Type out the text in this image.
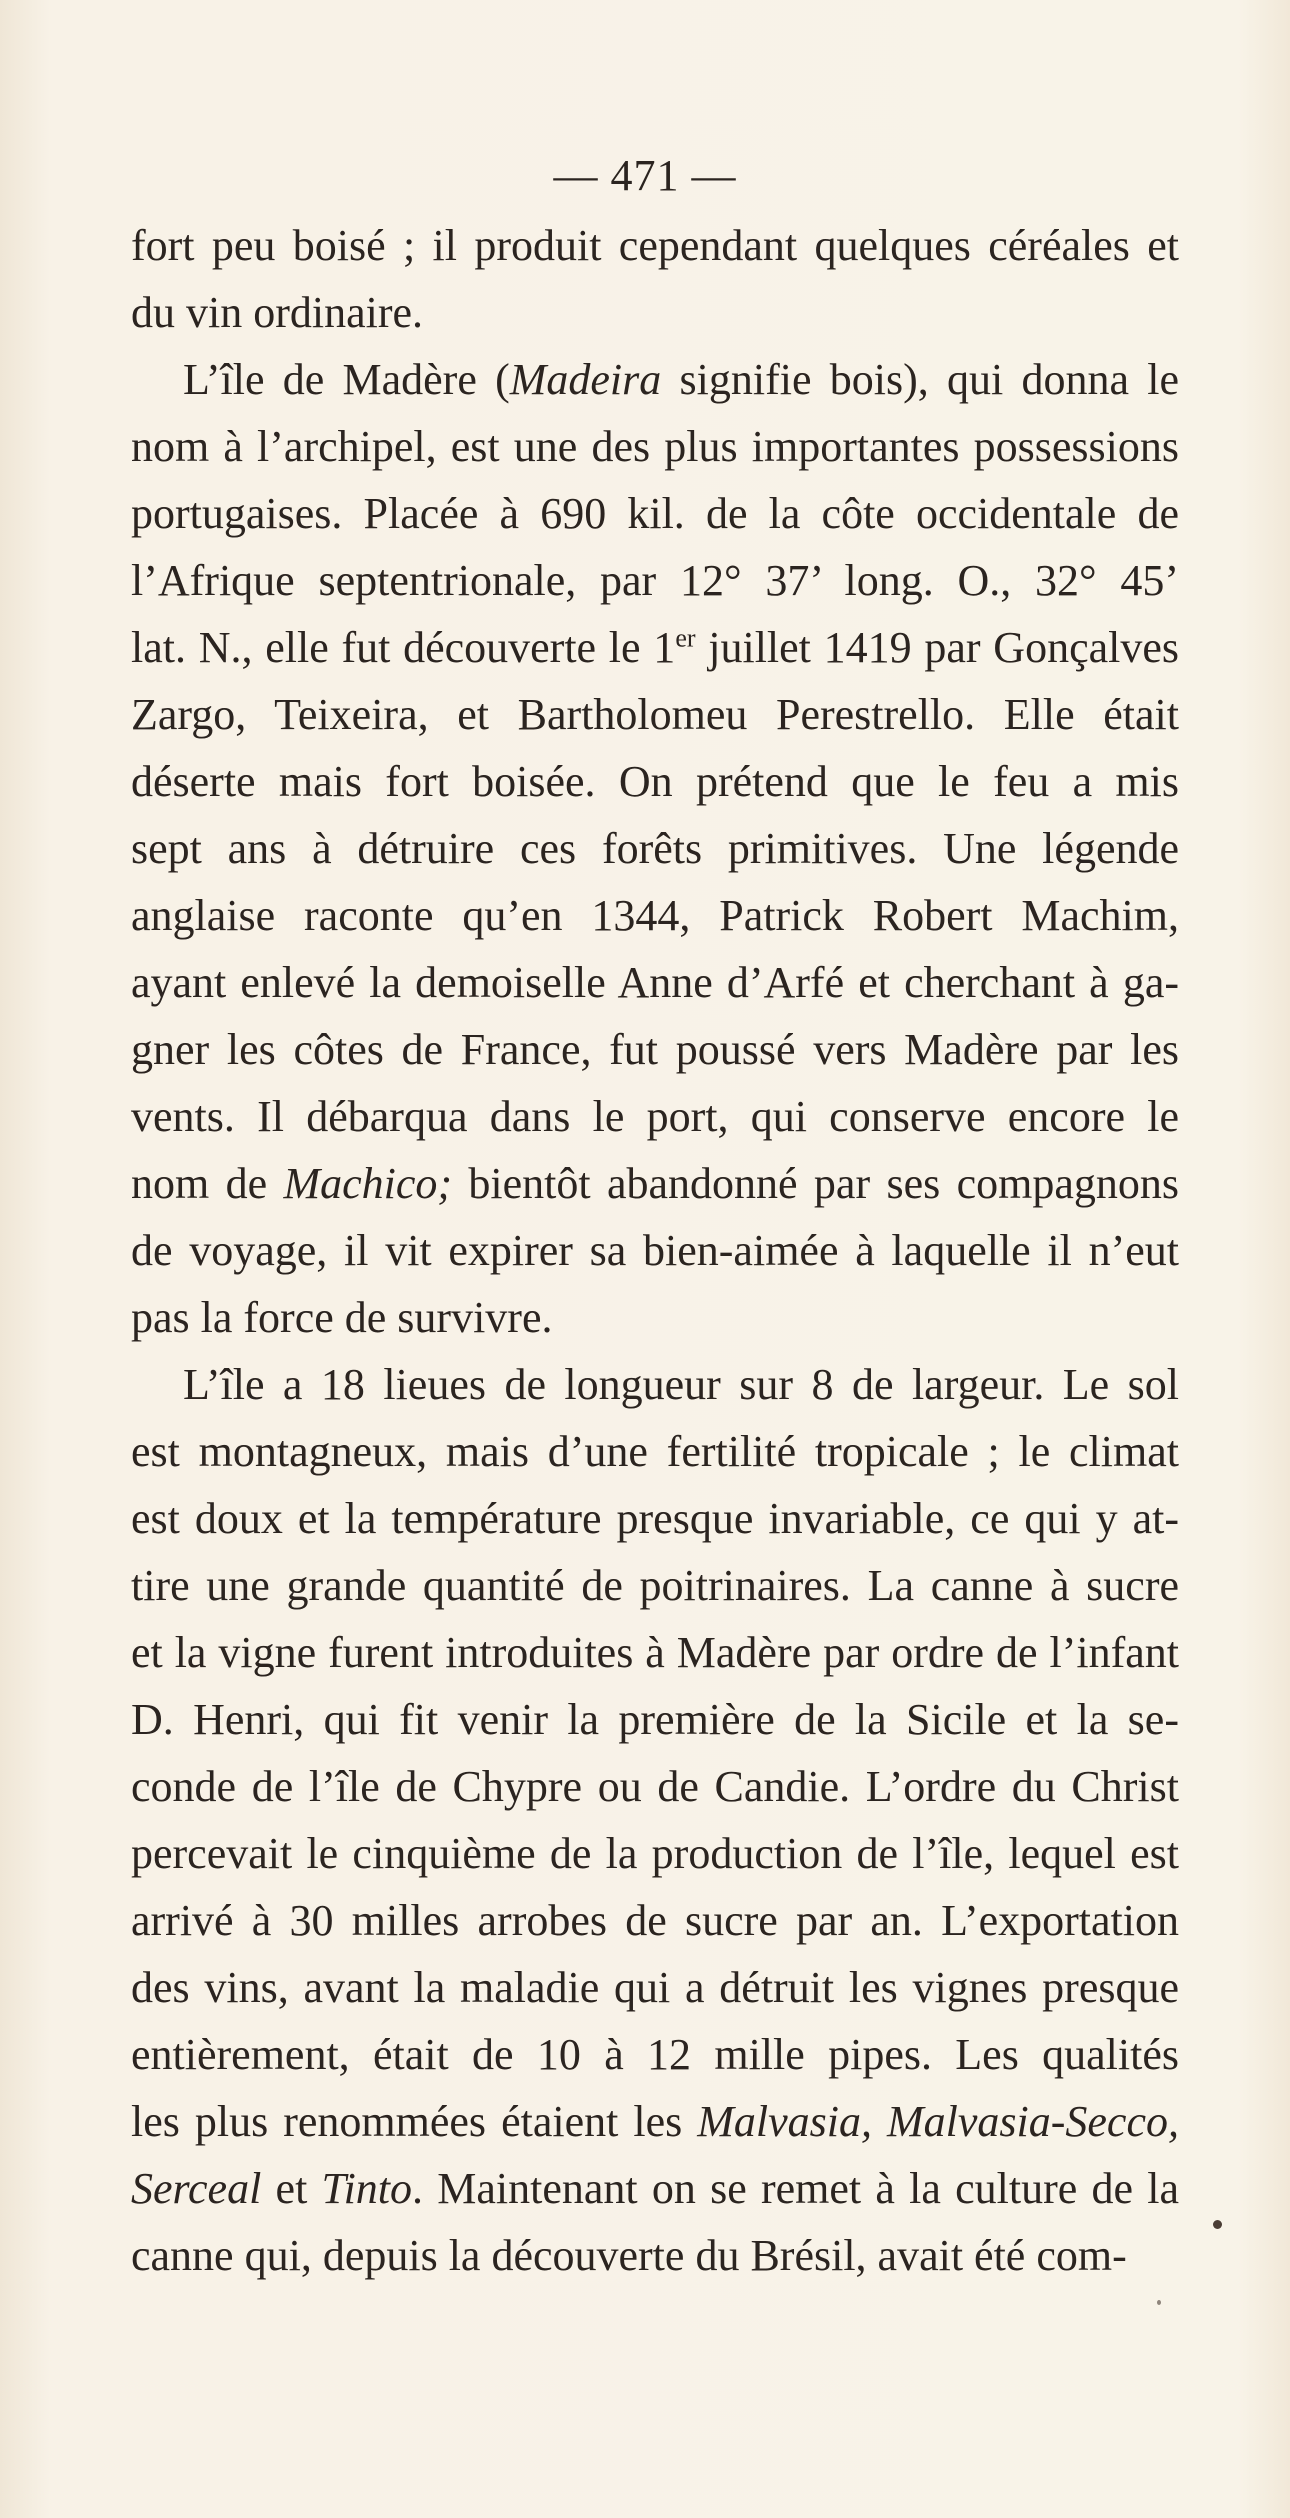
— 471 —
fort peu boisé ; il produit cependant quelques céréales et
du vin ordinaire.
L’île de Madère (Madeira signifie bois), qui donna le
nom à l’archipel, est une des plus importantes possessions
portugaises. Placée à 690 kil. de la côte occidentale de
l’Afrique septentrionale, par 12° 37’ long. O., 32° 45’
lat. N., elle fut découverte le 1er juillet 1419 par Gonçalves
Zargo, Teixeira, et Bartholomeu Perestrello. Elle était
déserte mais fort boisée. On prétend que le feu a mis
sept ans à détruire ces forêts primitives. Une légende
anglaise raconte qu’en 1344, Patrick Robert Machim,
ayant enlevé la demoiselle Anne d’Arfé et cherchant à ga-
gner les côtes de France, fut poussé vers Madère par les
vents. Il débarqua dans le port, qui conserve encore le
nom de Machico; bientôt abandonné par ses compagnons
de voyage, il vit expirer sa bien-aimée à laquelle il n’eut
pas la force de survivre.
L’île a 18 lieues de longueur sur 8 de largeur. Le sol
est montagneux, mais d’une fertilité tropicale ; le climat
est doux et la température presque invariable, ce qui y at-
tire une grande quantité de poitrinaires. La canne à sucre
et la vigne furent introduites à Madère par ordre de l’infant
D. Henri, qui fit venir la première de la Sicile et la se-
conde de l’île de Chypre ou de Candie. L’ordre du Christ
percevait le cinquième de la production de l’île, lequel est
arrivé à 30 milles arrobes de sucre par an. L’exportation
des vins, avant la maladie qui a détruit les vignes presque
entièrement, était de 10 à 12 mille pipes. Les qualités
les plus renommées étaient les Malvasia, Malvasia-Secco,
Serceal et Tinto. Maintenant on se remet à la culture de la
canne qui, depuis la découverte du Brésil, avait été com-
